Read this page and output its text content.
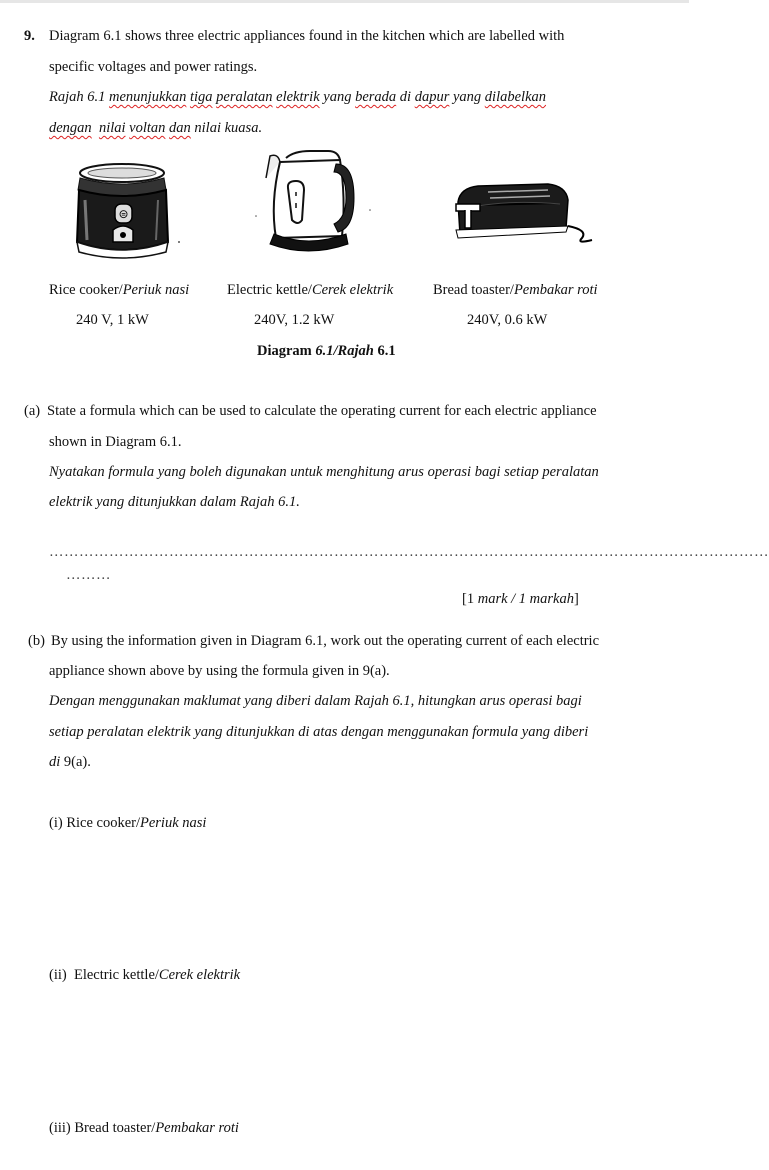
9. Diagram 6.1 shows three electric appliances found in the kitchen which are labelled with
specific voltages and power ratings.
Rajah 6.1 menunjukkan tiga peralatan elektrik yang berada di dapur yang dilabelkan
dengan nilai voltan dan nilai kuasa.
⊜
Rice cooker/Periuk nasi	Electric kettle/Cerek elektrik	Bread toaster/Pembakar roti
240 V, 1 kW	240V, 1.2 kW	240V, 0.6 kW
Diagram 6.1/Rajah 6.1
(a) State a formula which can be used to calculate the operating current for each electric appliance
shown in Diagram 6.1.
Nyatakan formula yang boleh digunakan untuk menghitung arus operasi bagi setiap peralatan
elektrik yang ditunjukkan dalam Rajah 6.1.
………………………………………………………………………………………………………………………………
………
[1 mark / 1 markah]
(b) By using the information given in Diagram 6.1, work out the operating current of each electric
appliance shown above by using the formula given in 9(a).
Dengan menggunakan maklumat yang diberi dalam Rajah 6.1, hitungkan arus operasi bagi
setiap peralatan elektrik yang ditunjukkan di atas dengan menggunakan formula yang diberi
di 9(a).
(i) Rice cooker/Periuk nasi
(ii)  Electric kettle/Cerek elektrik
(iii) Bread toaster/Pembakar roti
